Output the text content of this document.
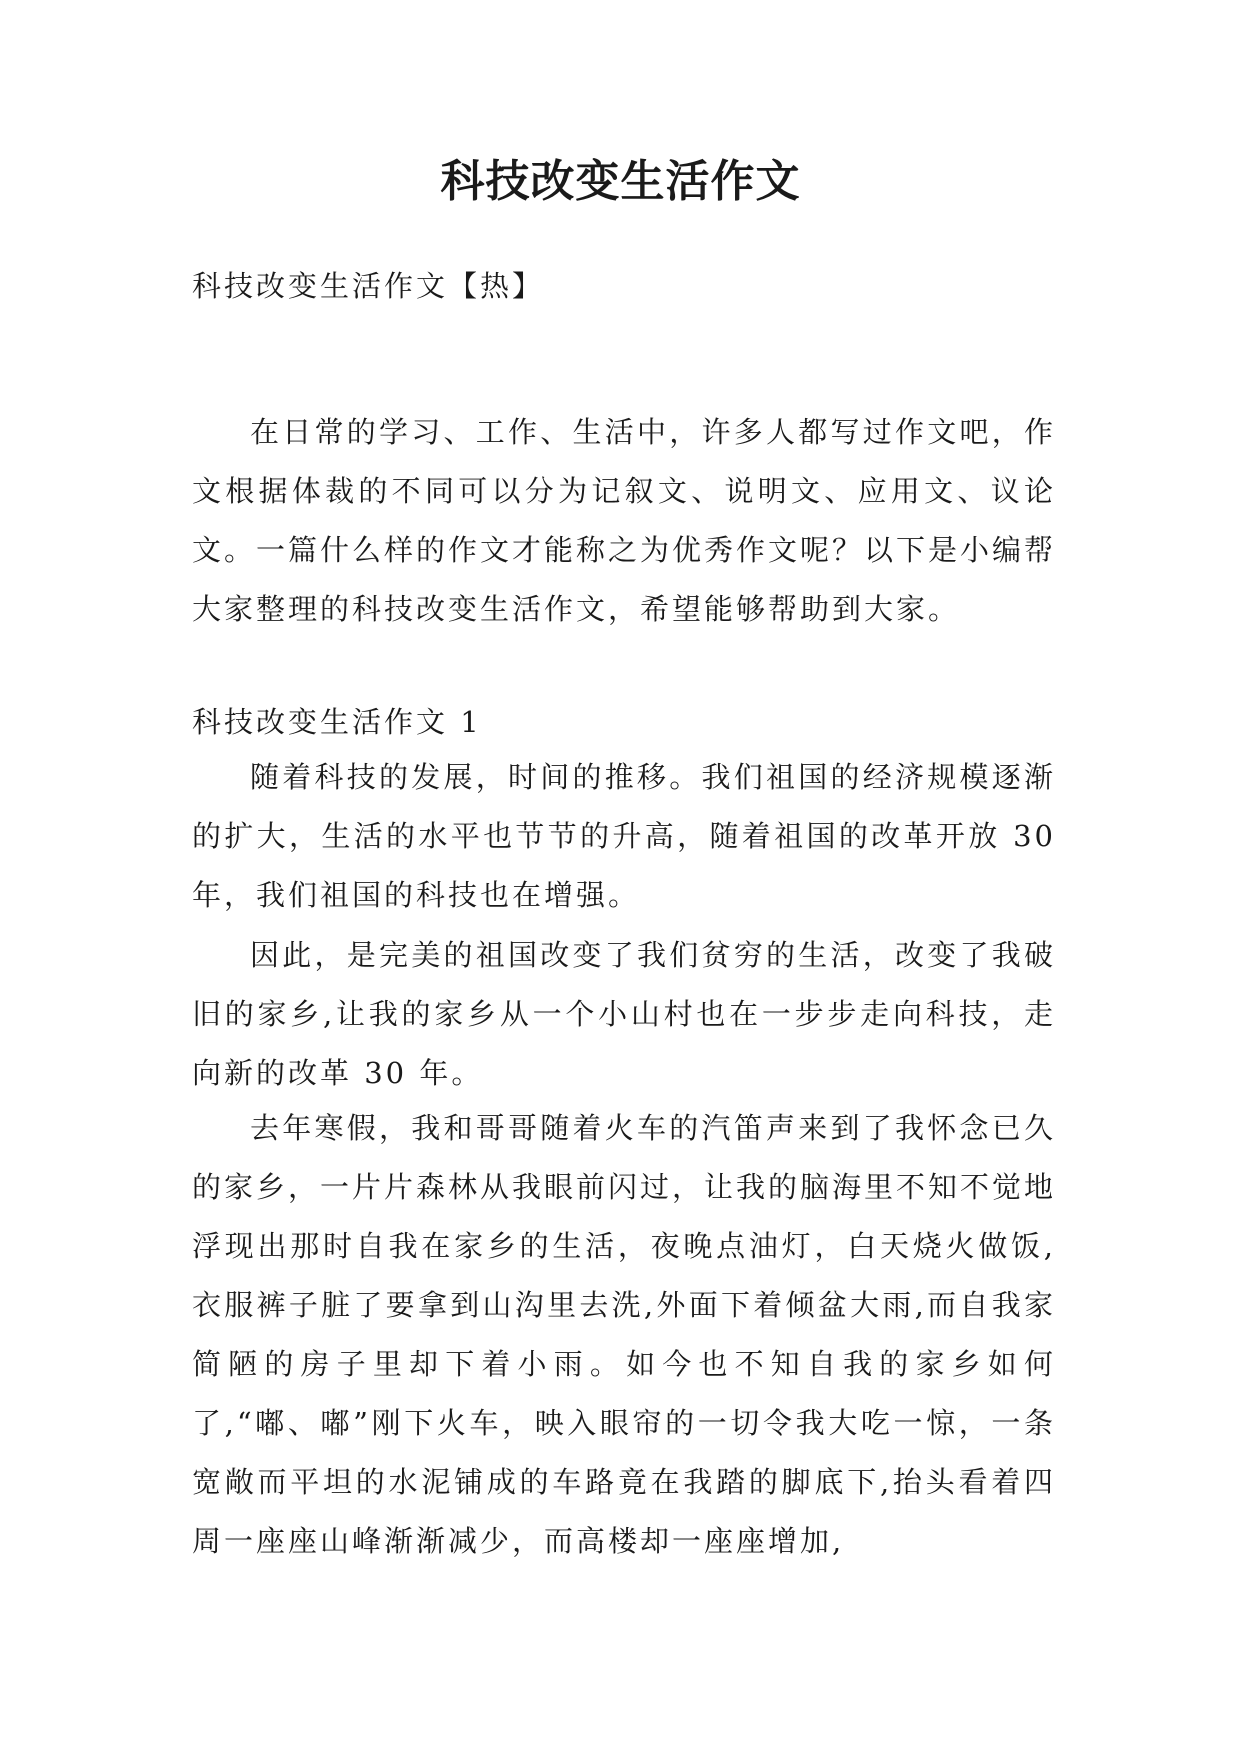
科技改变生活作文

科技改变生活作文【热】

在日常的学习、工作、生活中，许多人都写过作文吧，作文根据体裁的不同可以分为记叙文、说明文、应用文、议论文。一篇什么样的作文才能称之为优秀作文呢？以下是小编帮大家整理的科技改变生活作文，希望能够帮助到大家。

科技改变生活作文 1

随着科技的发展，时间的推移。我们祖国的经济规模逐渐的扩大，生活的水平也节节的升高，随着祖国的改革开放 30 年，我们祖国的科技也在增强。

因此，是完美的祖国改变了我们贫穷的生活，改变了我破旧的家乡,让我的家乡从一个小山村也在一步步走向科技，走向新的改革 30 年。

去年寒假，我和哥哥随着火车的汽笛声来到了我怀念已久的家乡，一片片森林从我眼前闪过，让我的脑海里不知不觉地浮现出那时自我在家乡的生活，夜晚点油灯，白天烧火做饭,衣服裤子脏了要拿到山沟里去洗,外面下着倾盆大雨,而自我家简陋的房子里却下着小雨。如今也不知自我的家乡如何了,“嘟、嘟”刚下火车，映入眼帘的一切令我大吃一惊，一条宽敞而平坦的水泥铺成的车路竟在我踏的脚底下,抬头看着四周一座座山峰渐渐减少，而高楼却一座座增加,
